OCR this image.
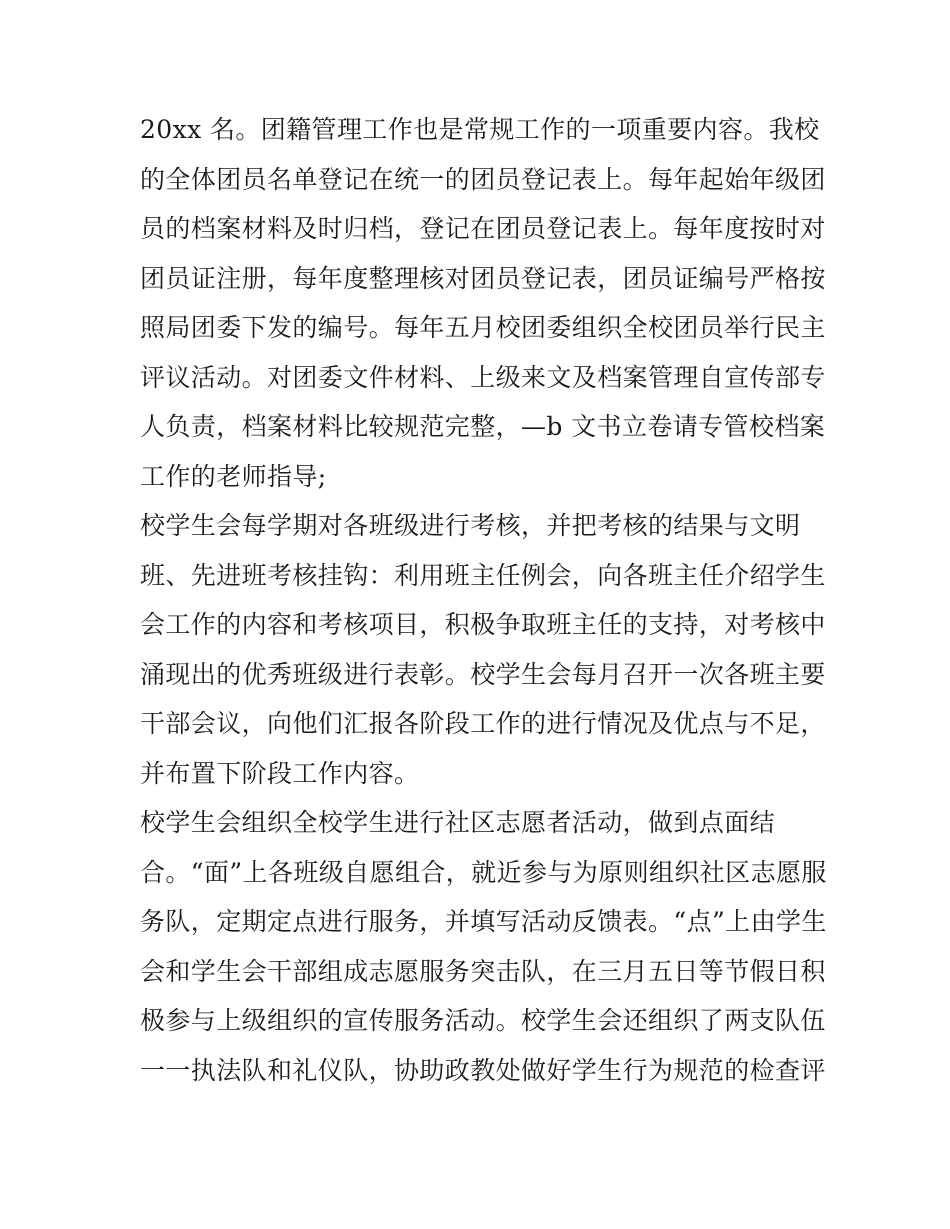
20xx 名。团籍管理工作也是常规工作的一项重要内容。我校

的全体团员名单登记在统一的团员登记表上。每年起始年级团

员的档案材料及时归档，登记在团员登记表上。每年度按时对

团员证注册，每年度整理核对团员登记表，团员证编号严格按

照局团委下发的编号。每年五月校团委组织全校团员举行民主

评议活动。对团委文件材料、上级来文及档案管理自宣传部专

人负责，档案材料比较规范完整，—b 文书立卷请专管校档案

工作的老师指导;

校学生会每学期对各班级进行考核，并把考核的结果与文明

班、先进班考核挂钩：利用班主任例会，向各班主任介绍学生

会工作的内容和考核项目，积极争取班主任的支持，对考核中

涌现出的优秀班级进行表彰。校学生会每月召开一次各班主要

干部会议，向他们汇报各阶段工作的进行情况及优点与不足，

并布置下阶段工作内容。

校学生会组织全校学生进行社区志愿者活动，做到点面结

合。“面”上各班级自愿组合，就近参与为原则组织社区志愿服

务队，定期定点进行服务，并填写活动反馈表。“点”上由学生

会和学生会干部组成志愿服务突击队，在三月五日等节假日积

极参与上级组织的宣传服务活动。校学生会还组织了两支队伍

一一执法队和礼仪队，协助政教处做好学生行为规范的检查评
